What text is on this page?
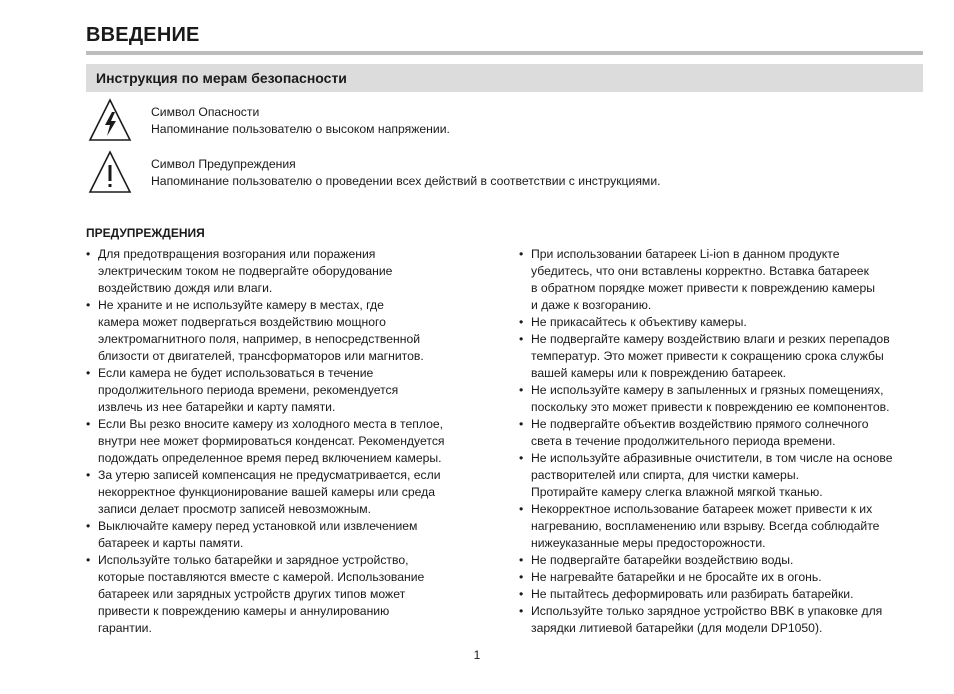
ВВЕДЕНИЕ
Инструкция по мерам безопасности
Символ Опасности
Напоминание пользователю о высоком напряжении.
Символ Предупреждения
Напоминание пользователю о проведении всех действий в соответствии с инструкциями.
ПРЕДУПРЕЖДЕНИЯ
• Для предотвращения возгорания или поражения
электрическим током не подвергайте оборудование
воздействию дождя или влаги.
• Не храните и не используйте камеру в местах, где
камера может подвергаться воздействию мощного
электромагнитного поля, например, в непосредственной
близости от двигателей, трансформаторов или магнитов.
• Если камера не будет использоваться в течение
продолжительного периода времени, рекомендуется
извлечь из нее батарейки и карту памяти.
• Если Вы резко вносите камеру из холодного места в теплое,
внутри нее может формироваться конденсат. Рекомендуется
подождать определенное время перед включением камеры.
• За утерю записей компенсация не предусматривается, если
некорректное функционирование вашей камеры или среда
записи делает просмотр записей невозможным.
• Выключайте камеру перед установкой или извлечением
батареек и карты памяти.
• Используйте только батарейки и зарядное устройство,
которые поставляются вместе с камерой. Использование
батареек или зарядных устройств других типов может
привести к повреждению камеры и аннулированию
гарантии.
• При использовании батареек Li-ion в данном продукте
убедитесь, что они вставлены корректно. Вставка батареек
в обратном порядке может привести к повреждению камеры
и даже к возгоранию.
• Не прикасайтесь к объективу камеры.
• Не подвергайте камеру воздействию влаги и резких перепадов
температур. Это может привести к сокращению срока службы
вашей камеры или к повреждению батареек.
• Не используйте камеру в запыленных и грязных помещениях,
поскольку это может привести к повреждению ее компонентов.
• Не подвергайте объектив воздействию прямого солнечного
света в течение продолжительного периода времени.
• Не используйте абразивные очистители, в том числе на основе
растворителей или спирта, для чистки камеры.
Протирайте камеру слегка влажной мягкой тканью.
• Некорректное использование батареек может привести к их
нагреванию, воспламенению или взрыву. Всегда соблюдайте
нижеуказанные меры предосторожности.
• Не подвергайте батарейки воздействию воды.
• Не нагревайте батарейки и не бросайте их в огонь.
• Не пытайтесь деформировать или разбирать батарейки.
• Используйте только зарядное устройство BBK в упаковке для
зарядки литиевой батарейки (для модели DP1050).
1
